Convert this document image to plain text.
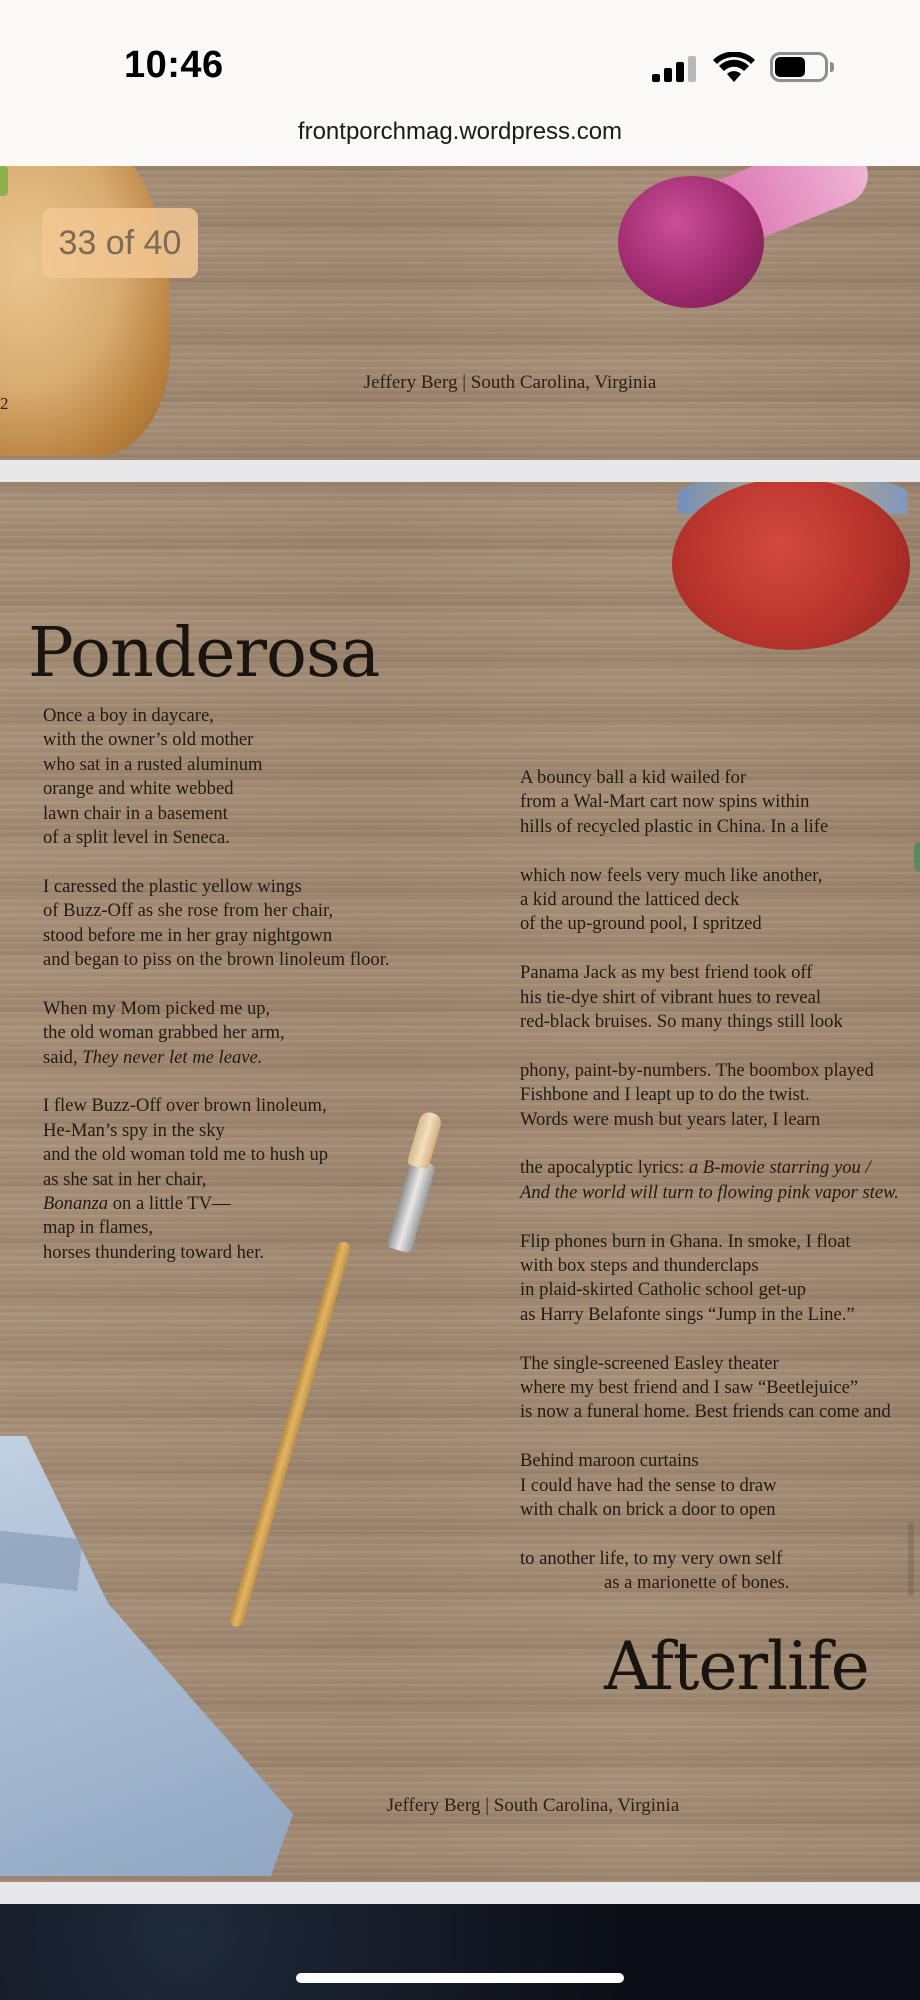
10:46
frontporchmag.wordpress.com
33 of 40
2
Jeffery Berg | South Carolina, Virginia
Ponderosa
Once a boy in daycare,
with the owner’s old mother
who sat in a rusted aluminum
orange and white webbed
lawn chair in a basement
of a split level in Seneca.
I caressed the plastic yellow wings
of Buzz-Off as she rose from her chair,
stood before me in her gray nightgown
and began to piss on the brown linoleum floor.
When my Mom picked me up,
the old woman grabbed her arm,
said, They never let me leave.
I flew Buzz-Off over brown linoleum,
He-Man’s spy in the sky
and the old woman told me to hush up
as she sat in her chair,
Bonanza on a little TV—
map in flames,
horses thundering toward her.
A bouncy ball a kid wailed for
from a Wal-Mart cart now spins within
hills of recycled plastic in China. In a life
which now feels very much like another,
a kid around the latticed deck
of the up-ground pool, I spritzed
Panama Jack as my best friend took off
his tie-dye shirt of vibrant hues to reveal
red-black bruises. So many things still look
phony, paint-by-numbers. The boombox played
Fishbone and I leapt up to do the twist.
Words were mush but years later, I learn
the apocalyptic lyrics: a B-movie starring you /
And the world will turn to flowing pink vapor stew.
Flip phones burn in Ghana. In smoke, I float
with box steps and thunderclaps
in plaid-skirted Catholic school get-up
as Harry Belafonte sings “Jump in the Line.”
The single-screened Easley theater
where my best friend and I saw “Beetlejuice”
is now a funeral home. Best friends can come and
Behind maroon curtains
I could have had the sense to draw
with chalk on brick a door to open
to another life, to my very own self
as a marionette of bones.
Afterlife
Jeffery Berg | South Carolina, Virginia
